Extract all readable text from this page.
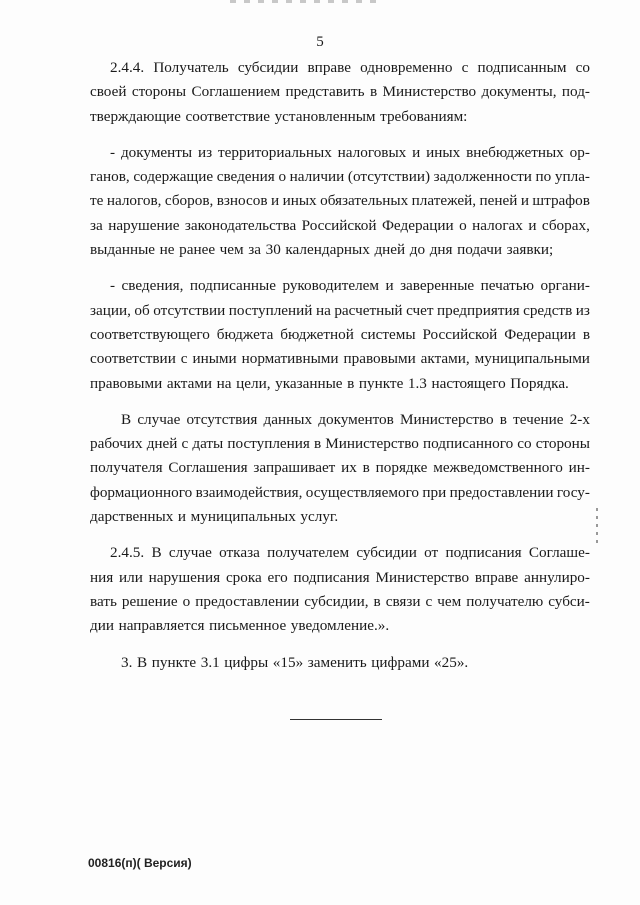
5
2.4.4. Получатель субсидии вправе одновременно с подписанным со
своей стороны Соглашением представить в Министерство документы, под-
тверждающие соответствие установленным требованиям:
- документы из территориальных налоговых и иных внебюджетных ор-
ганов, содержащие сведения о наличии (отсутствии) задолженности по упла-
те налогов, сборов, взносов и иных обязательных платежей, пеней и штрафов
за нарушение законодательства Российской Федерации о налогах и сборах,
выданные не ранее чем за 30 календарных дней до дня подачи заявки;
- сведения, подписанные руководителем и заверенные печатью органи-
зации, об отсутствии поступлений на расчетный счет предприятия средств из
соответствующего бюджета бюджетной системы Российской Федерации в
соответствии с иными нормативными правовыми актами, муниципальными
правовыми актами на цели, указанные в пункте 1.3 настоящего Порядка.
В случае отсутствия данных документов Министерство в течение 2-х
рабочих дней с даты поступления в Министерство подписанного со стороны
получателя Соглашения запрашивает их в порядке межведомственного ин-
формационного взаимодействия, осуществляемого при предоставлении госу-
дарственных и муниципальных услуг.
2.4.5. В случае отказа получателем субсидии от подписания Соглаше-
ния или нарушения срока его подписания Министерство вправе аннулиро-
вать решение о предоставлении субсидии, в связи с чем получателю субси-
дии направляется письменное уведомление.».
3. В пункте 3.1 цифры «15» заменить цифрами «25».
00816(п)( Версия)
